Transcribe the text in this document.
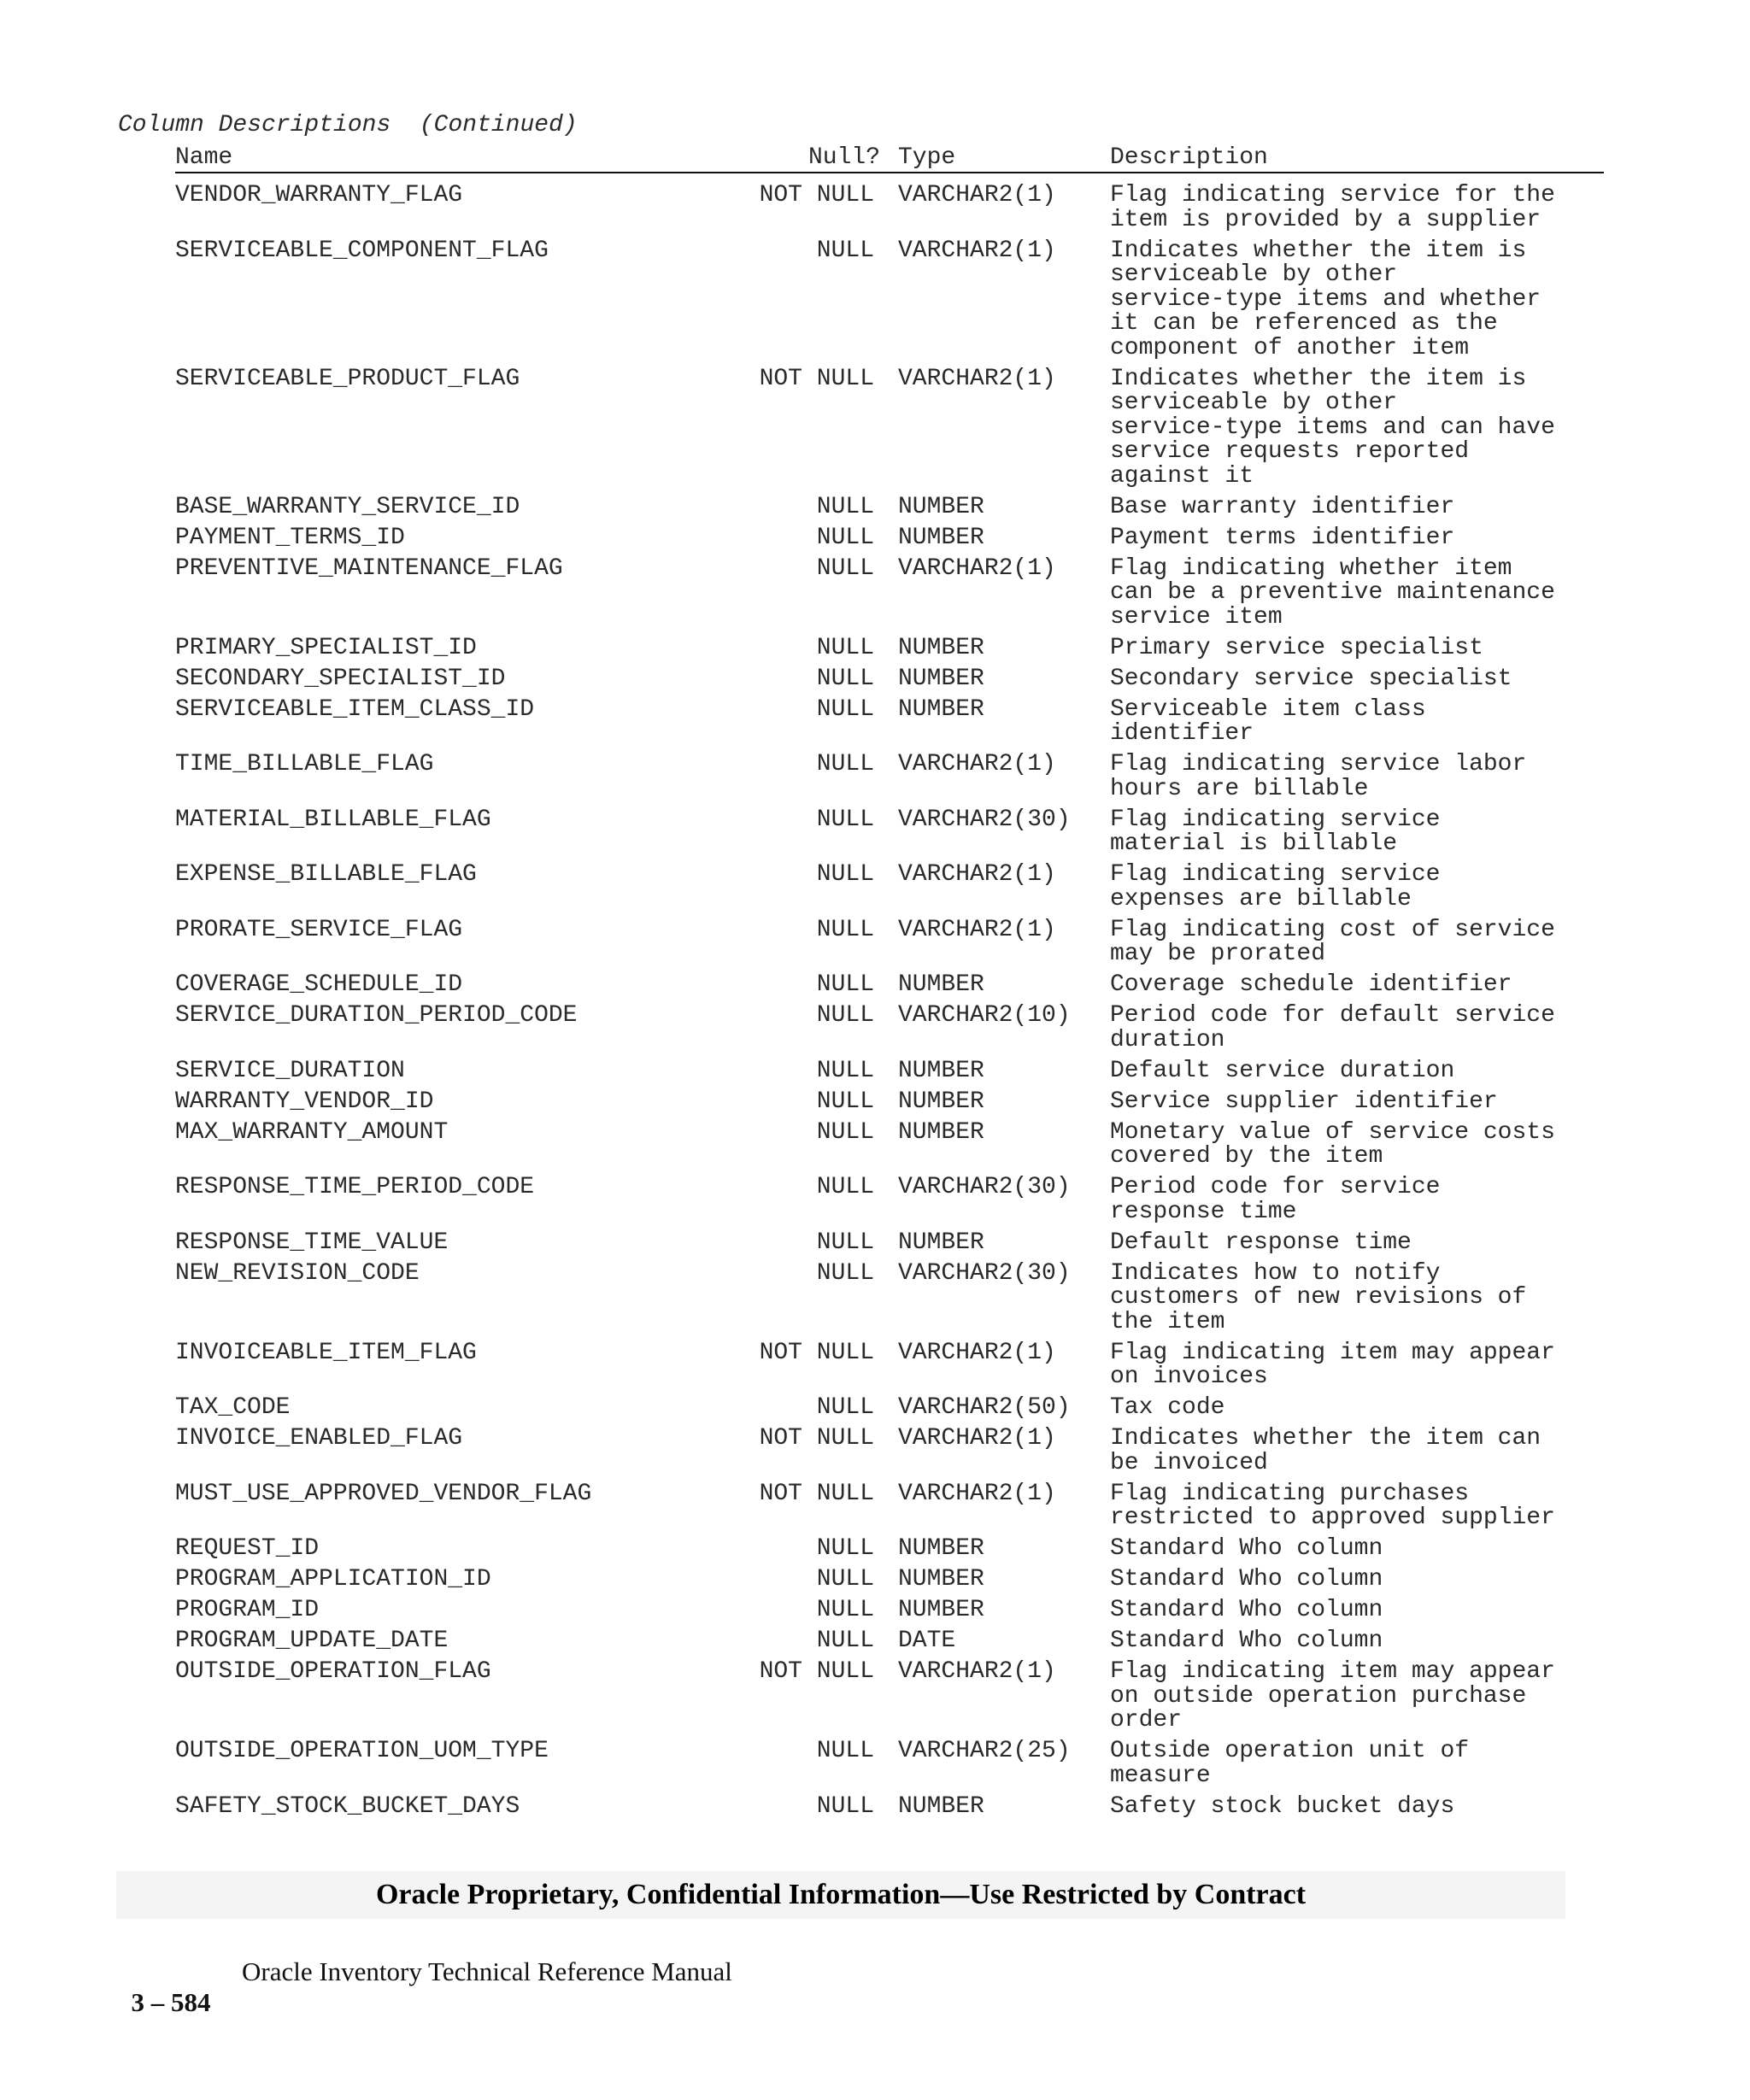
Column Descriptions  (Continued)
Name	Null? Type	Description
VENDOR_WARRANTY_FLAG	NOT NULL VARCHAR2(1)	Flag indicating service for the
item is provided by a supplier
SERVICEABLE_COMPONENT_FLAG	NULL VARCHAR2(1)	Indicates whether the item is
serviceable by other
service-type items and whether
it can be referenced as the
component of another item
SERVICEABLE_PRODUCT_FLAG	NOT NULL VARCHAR2(1)	Indicates whether the item is
serviceable by other
service-type items and can have
service requests reported
against it
BASE_WARRANTY_SERVICE_ID	NULL NUMBER	Base warranty identifier
PAYMENT_TERMS_ID	NULL NUMBER	Payment terms identifier
PREVENTIVE_MAINTENANCE_FLAG	NULL VARCHAR2(1)	Flag indicating whether item
can be a preventive maintenance
service item
PRIMARY_SPECIALIST_ID	NULL NUMBER	Primary service specialist
SECONDARY_SPECIALIST_ID	NULL NUMBER	Secondary service specialist
SERVICEABLE_ITEM_CLASS_ID	NULL NUMBER	Serviceable item class
identifier
TIME_BILLABLE_FLAG	NULL VARCHAR2(1)	Flag indicating service labor
hours are billable
MATERIAL_BILLABLE_FLAG	NULL VARCHAR2(30)	Flag indicating service
material is billable
EXPENSE_BILLABLE_FLAG	NULL VARCHAR2(1)	Flag indicating service
expenses are billable
PRORATE_SERVICE_FLAG	NULL VARCHAR2(1)	Flag indicating cost of service
may be prorated
COVERAGE_SCHEDULE_ID	NULL NUMBER	Coverage schedule identifier
SERVICE_DURATION_PERIOD_CODE	NULL VARCHAR2(10)	Period code for default service
duration
SERVICE_DURATION	NULL NUMBER	Default service duration
WARRANTY_VENDOR_ID	NULL NUMBER	Service supplier identifier
MAX_WARRANTY_AMOUNT	NULL NUMBER	Monetary value of service costs
covered by the item
RESPONSE_TIME_PERIOD_CODE	NULL VARCHAR2(30)	Period code for service
response time
RESPONSE_TIME_VALUE	NULL NUMBER	Default response time
NEW_REVISION_CODE	NULL VARCHAR2(30)	Indicates how to notify
customers of new revisions of
the item
INVOICEABLE_ITEM_FLAG	NOT NULL VARCHAR2(1)	Flag indicating item may appear
on invoices
TAX_CODE	NULL VARCHAR2(50)	Tax code
INVOICE_ENABLED_FLAG	NOT NULL VARCHAR2(1)	Indicates whether the item can
be invoiced
MUST_USE_APPROVED_VENDOR_FLAG	NOT NULL VARCHAR2(1)	Flag indicating purchases
restricted to approved supplier
REQUEST_ID	NULL NUMBER	Standard Who column
PROGRAM_APPLICATION_ID	NULL NUMBER	Standard Who column
PROGRAM_ID	NULL NUMBER	Standard Who column
PROGRAM_UPDATE_DATE	NULL DATE	Standard Who column
OUTSIDE_OPERATION_FLAG	NOT NULL VARCHAR2(1)	Flag indicating item may appear
on outside operation purchase
order
OUTSIDE_OPERATION_UOM_TYPE	NULL VARCHAR2(25)	Outside operation unit of
measure
SAFETY_STOCK_BUCKET_DAYS	NULL NUMBER	Safety stock bucket days
Oracle Proprietary, Confidential Information––Use Restricted by Contract

3 – 584

Oracle Inventory Technical Reference Manual
